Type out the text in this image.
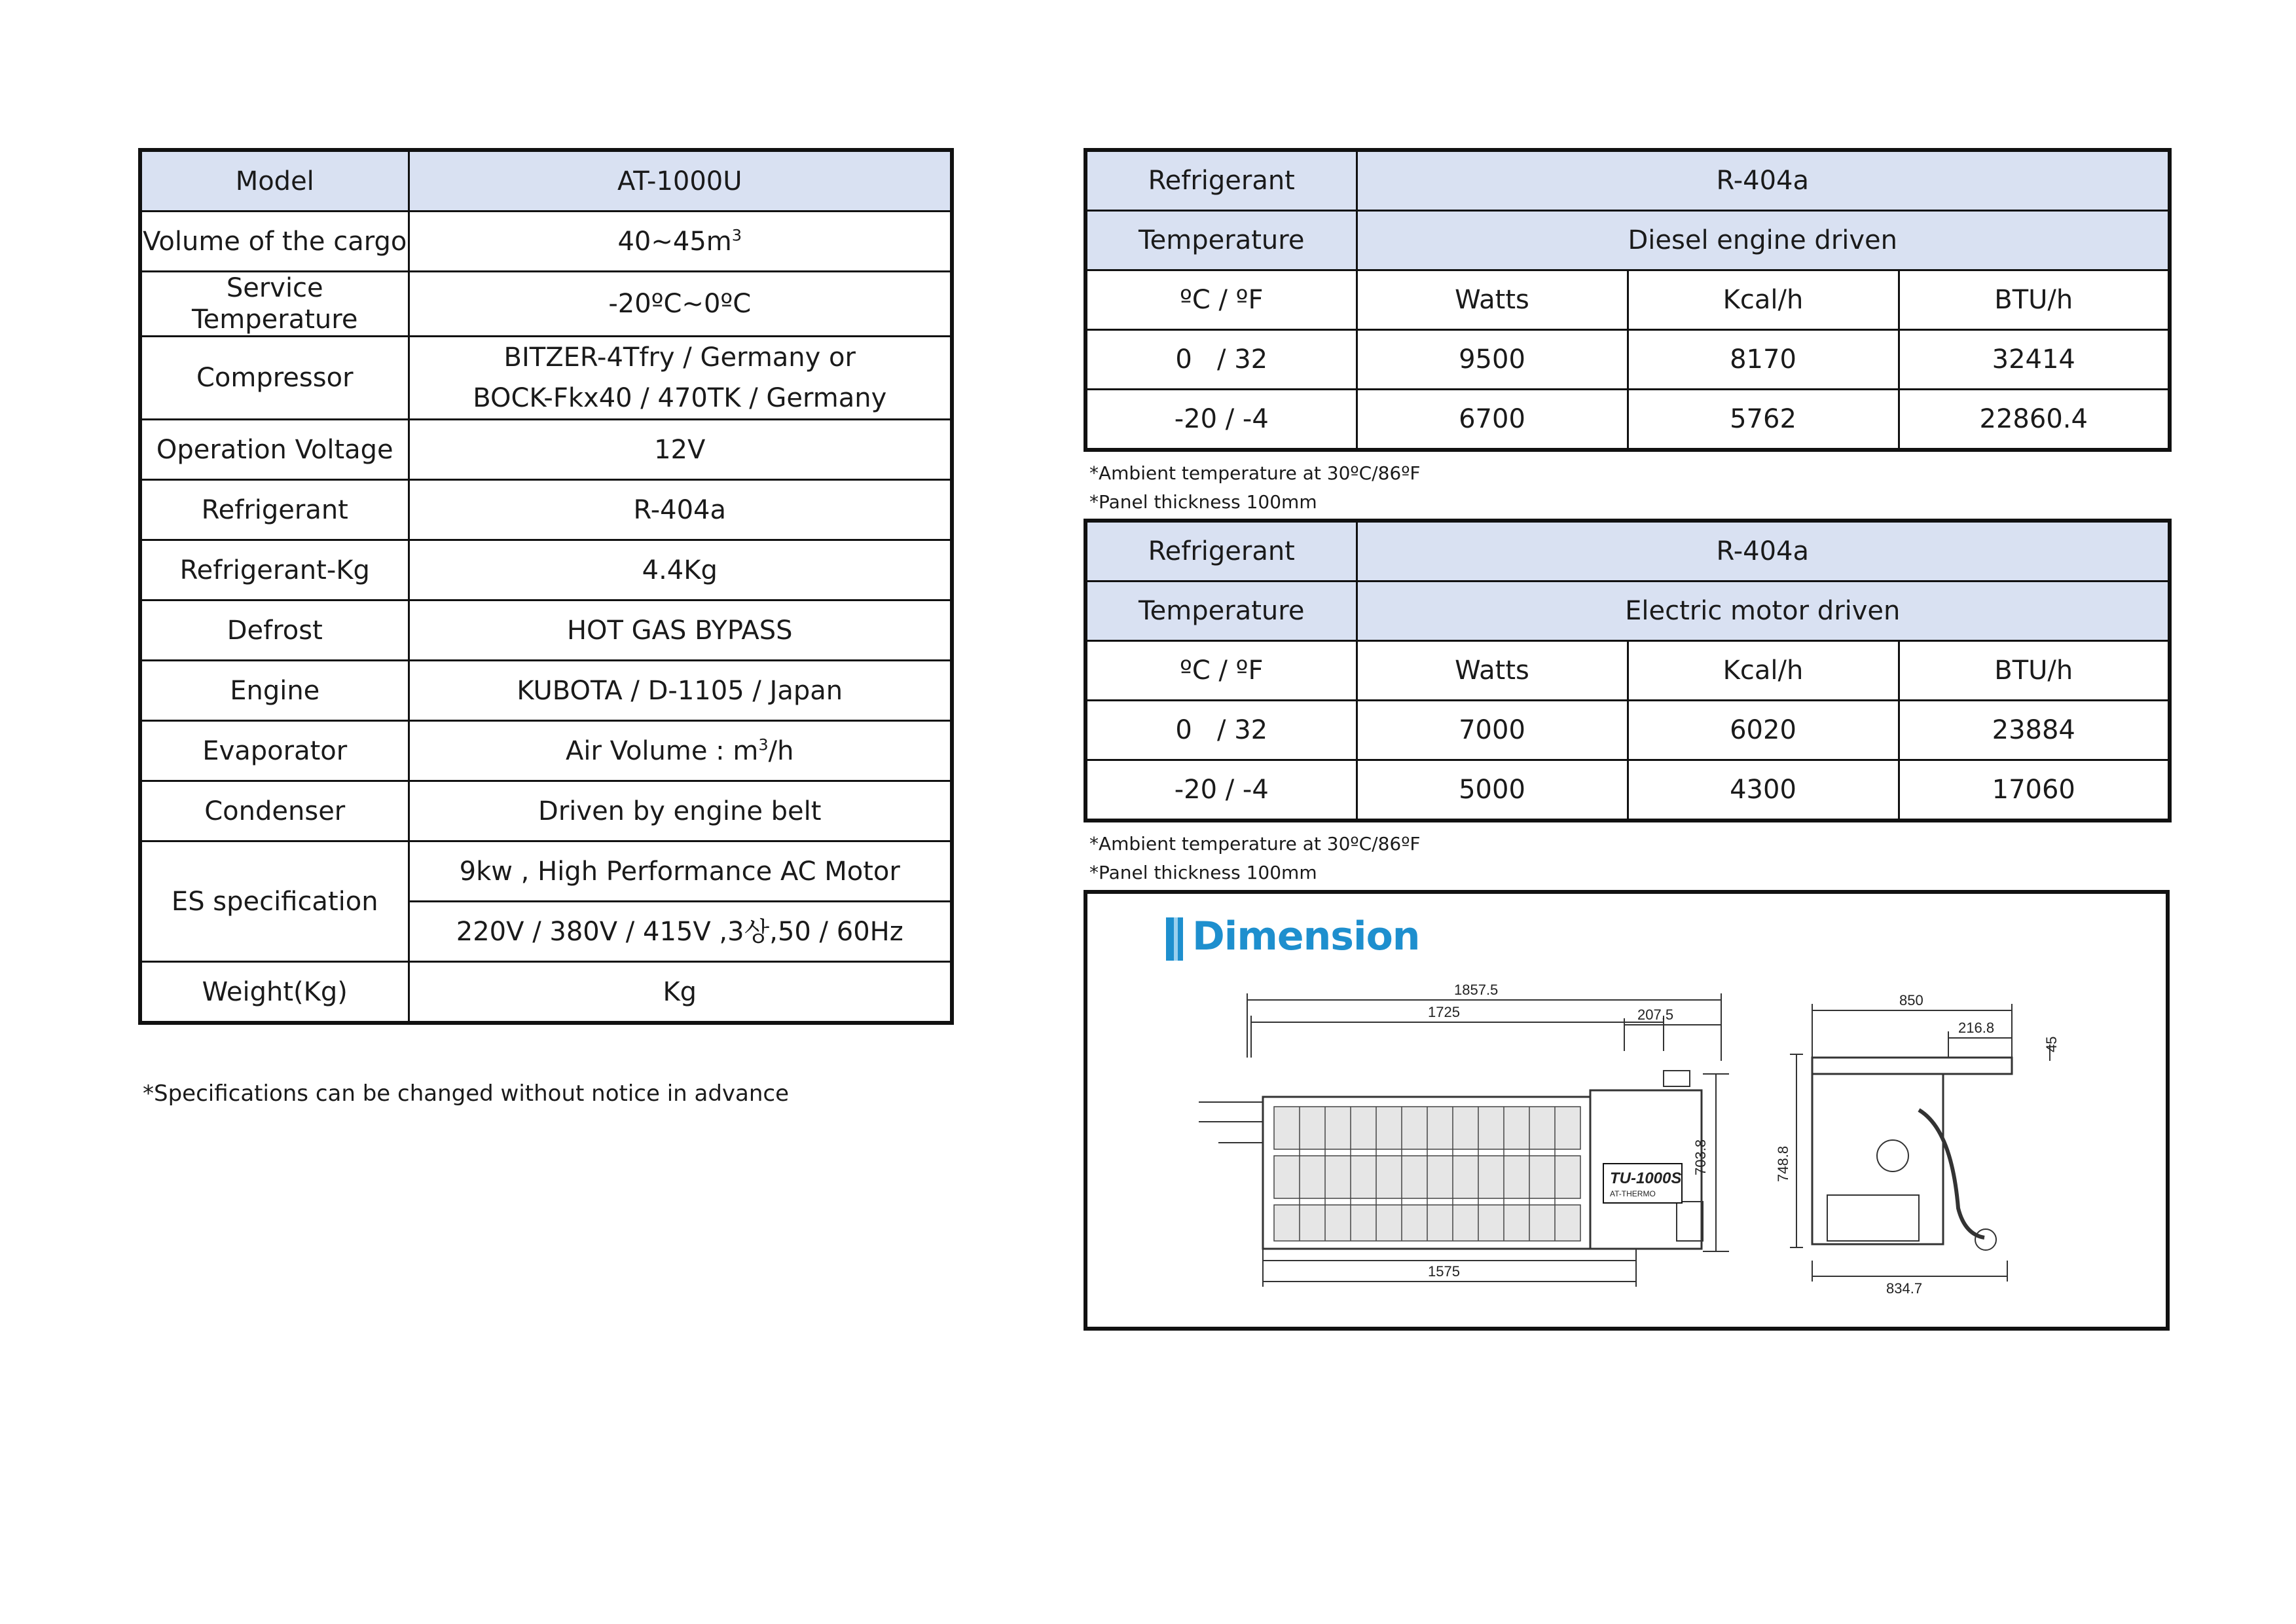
Model	AT-1000U
Volume of the cargo	$40\sim 45m^3$
Service Temperature	-20ºC~0ºC
Compressor	BITZER-4Tfry / Germany or
BOCK-Fkx40 / 470TK / Germany

Operation Voltage	12V
Refrigerant	R-404a
Refrigerant-Kg	4.4Kg
Defrost	HOT GAS BYPASS
Engine	KUBOTA / D-1105 / Japan
Evaporator	Air Volume : $m^3/h$
Condenser	Driven by engine belt
ES specification	9kw , High Performance AC Motor
	220V / 380V / 415V ,3상,50 / 60Hz
Weight(Kg)	Kg
*Specifications can be changed without notice in advance
Refrigerant	R-404a		
Temperature	Diesel engine driven		
ºC / ºF	Watts	Kcal/h	BTU/h
0   / 32	9500	8170	32414
-20 / -4	6700	5762	22860.4
*Ambient temperature at 30ºC/86ºF
*Panel thickness 100mm
Refrigerant	R-404a		
Temperature	Electric motor driven		
ºC / ºF	Watts	Kcal/h	BTU/h
0   / 32	7000	6020	23884
-20 / -4	5000	4300	17060
*Ambient temperature at 30ºC/86ºF
*Panel thickness 100mm
Dimension
1857.5
1725	207.5
703.8
1575
850
216.8
45
748.8
834.7
TU-1000S
AT-THERMO
